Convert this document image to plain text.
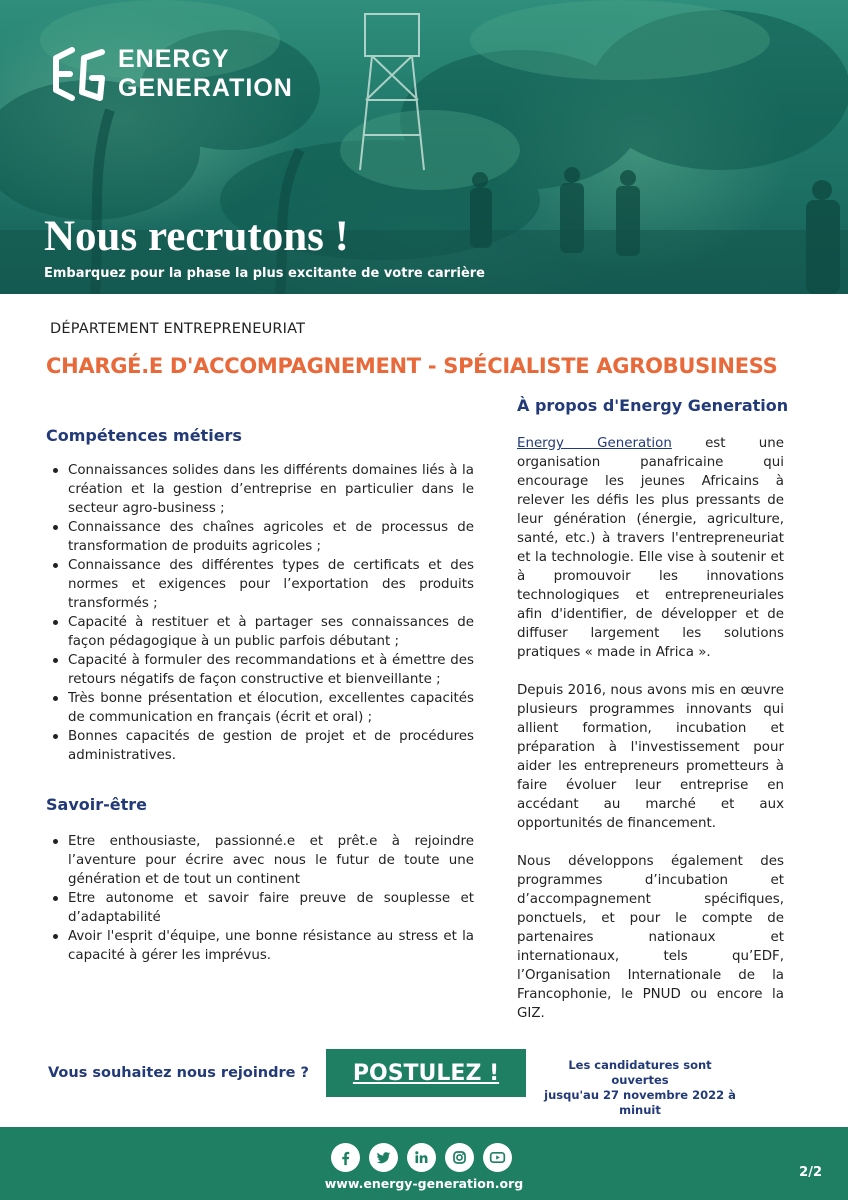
ENERGY
GENERATION
Nous recrutons !
Embarquez pour la phase la plus excitante de votre carrière
DÉPARTEMENT ENTREPRENEURIAT
CHARGÉ.E D'ACCOMPAGNEMENT - SPÉCIALISTE AGROBUSINESS
Compétences métiers
Connaissances solides dans les différents domaines liés à la création et la gestion d’entreprise en particulier dans le secteur agro-business ;
Connaissance des chaînes agricoles et de processus de transformation de produits agricoles ;
Connaissance des différentes types de certificats et des normes et exigences pour l’exportation des produits transformés ;
Capacité à restituer et à partager ses connaissances de façon pédagogique à un public parfois débutant ;
Capacité à formuler des recommandations et à émettre des retours négatifs de façon constructive et bienveillante ;
Très bonne présentation et élocution, excellentes capacités de communication en français (écrit et oral) ;
Bonnes capacités de gestion de projet et de procédures administratives.
Savoir-être
Etre enthousiaste, passionné.e et prêt.e à rejoindre l’aventure pour écrire avec nous le futur de toute une génération et de tout un continent
Etre autonome et savoir faire preuve de souplesse et d’adaptabilité
Avoir l'esprit d'équipe, une bonne résistance au stress et la capacité à gérer les imprévus.
À propos d'Energy Generation

Energy Generation est une organisation panafricaine qui encourage les jeunes Africains à relever les défis les plus pressants de leur génération (énergie, agriculture, santé, etc.) à travers l'entrepreneuriat et la technologie. Elle vise à soutenir et à promouvoir les innovations technologiques et entrepreneuriales afin d'identifier, de développer et de diffuser largement les solutions pratiques « made in Africa ».

Depuis 2016, nous avons mis en œuvre plusieurs programmes innovants qui allient formation, incubation et préparation à l'investissement pour aider les entrepreneurs prometteurs à faire évoluer leur entreprise en accédant au marché et aux opportunités de financement.

Nous développons également des programmes d’incubation et d’accompagnement spécifiques, ponctuels, et pour le compte de partenaires nationaux et internationaux, tels qu’EDF, l’Organisation Internationale de la Francophonie, le PNUD ou encore la GIZ.

Vous souhaitez nous rejoindre ?	POSTULEZ !	Les candidatures sont ouvertes
jusqu'au 27 novembre 2022 à minuit
www.energy-generation.org
2/2
